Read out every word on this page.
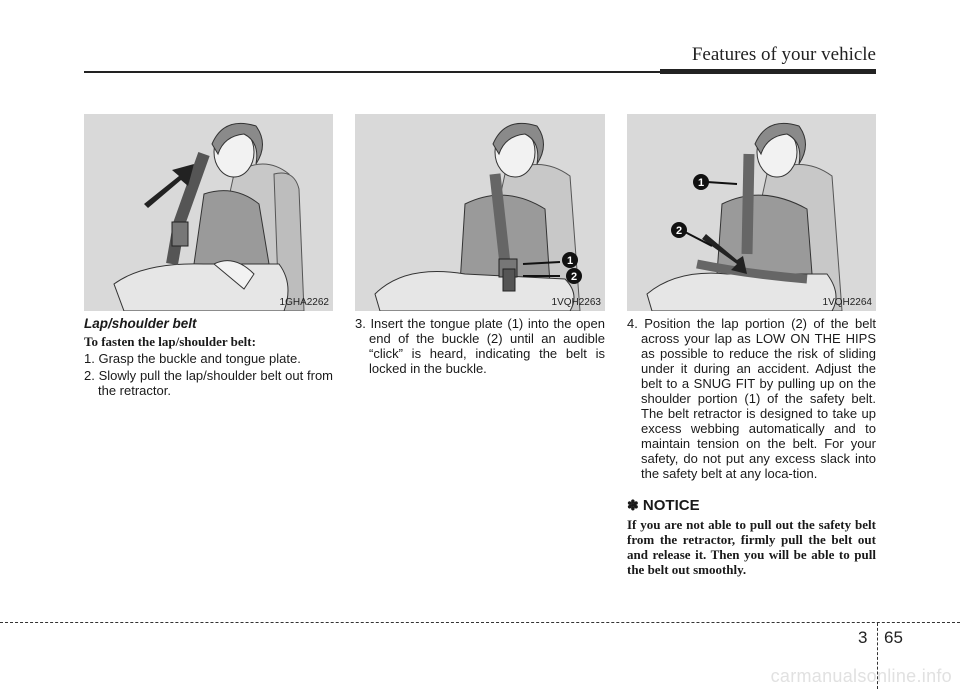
Features of your vehicle
1GHA2262
1
2
1VQH2263
1
2
1VQH2264
Lap/shoulder belt
To fasten the lap/shoulder belt:
1. Grasp the buckle and tongue plate.
2. Slowly pull the lap/shoulder belt out from the retractor.
3. Insert the tongue plate (1) into the open end of the buckle (2) until an audible “click” is heard, indicating the belt is locked in the buckle.
4. Position the lap portion (2) of the belt across your lap as LOW ON THE HIPS as possible to reduce the risk of sliding under it during an accident. Adjust the belt to a SNUG FIT by pulling up on the shoulder portion (1) of the safety belt. The belt retractor is designed to take up excess webbing automatically and to maintain tension on the belt. For your safety, do not put any excess slack into the safety belt at any loca-tion.
✽ NOTICE
If you are not able to pull out the safety belt from the retractor, firmly pull the belt out and release it. Then you will be able to pull the belt out smoothly.
3 65
carmanualsonline.info
